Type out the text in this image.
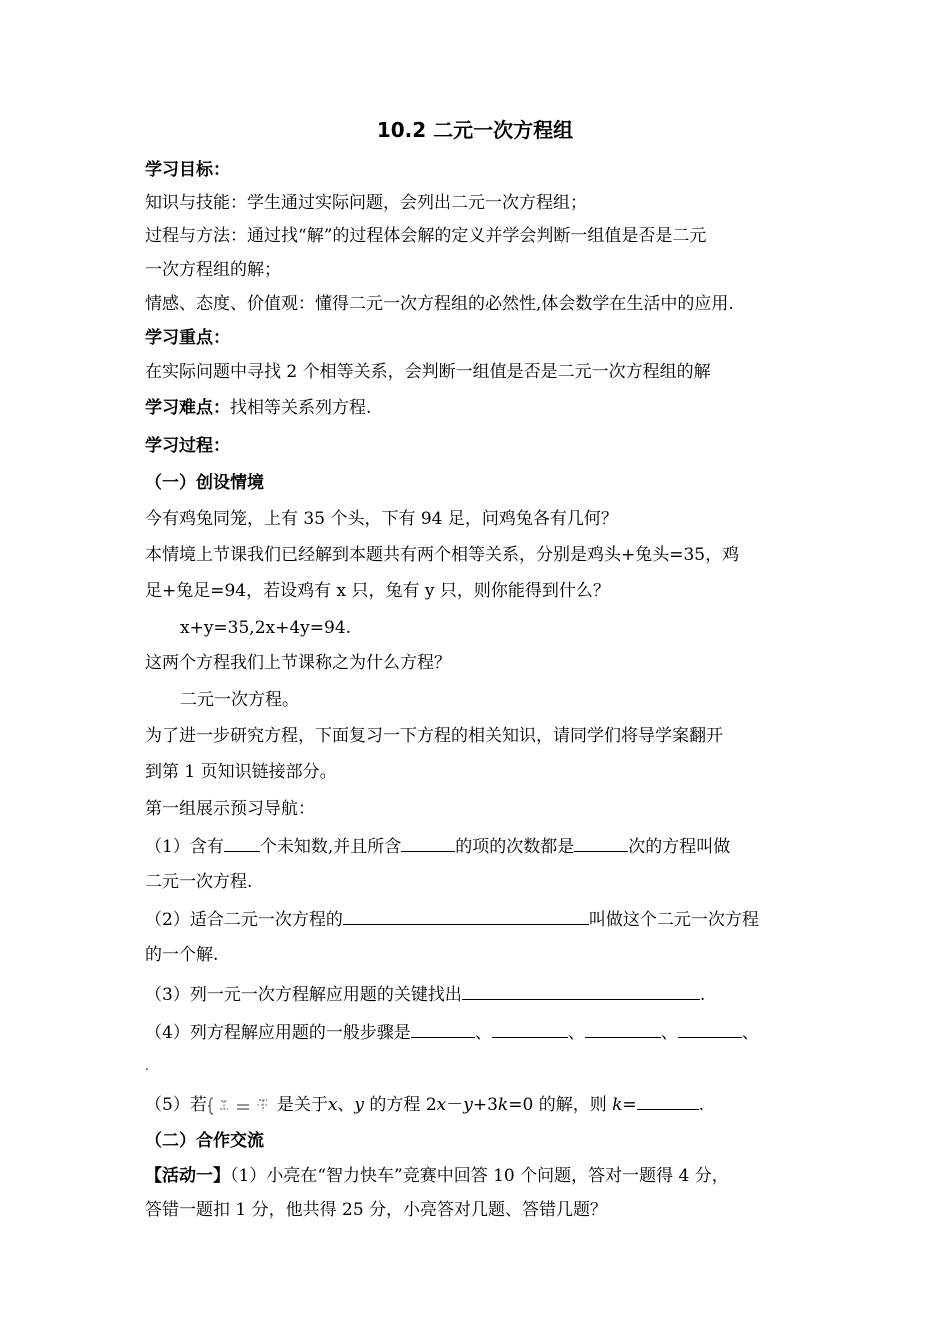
10.2 二元一次方程组
学习目标：
知识与技能：学生通过实际问题，会列出二元一次方程组；
过程与方法：通过找“解”的过程体会解的定义并学会判断一组值是否是二元
一次方程组的解；
情感、态度、价值观：懂得二元一次方程组的必然性,体会数学在生活中的应用.
学习重点：
在实际问题中寻找 2 个相等关系，会判断一组值是否是二元一次方程组的解
学习难点：找相等关系列方程.
学习过程：
（一）创设情境
今有鸡兔同笼，上有 35 个头，下有 94 足，问鸡兔各有几何？
本情境上节课我们已经解到本题共有两个相等关系，分别是鸡头+兔头=35，鸡
足+兔足=94，若设鸡有 x 只，兔有 y 只，则你能得到什么？
x+y=35,2x+4y=94.
这两个方程我们上节课称之为什么方程？
二元一次方程。
为了进一步研究方程，下面复习一下方程的相关知识，请同学们将导学案翻开
到第 1 页知识链接部分。
第一组展示预习导航：
（1）含有 个未知数,并且所含	的项的次数都是	次的方程叫做
二元一次方程.
（2）适合二元一次方程的	叫做这个二元一次方程
的一个解.
（3）列一元一次方程解应用题的关键找出	.
（4）列方程解应用题的一般步骤是	、	、	、	、
.
（5）若	是关于x、y 的方程 2x－y+3k=0 的解，则 k=	.
（二）合作交流
【活动一】（1）小亮在“智力快车”竞赛中回答 10 个问题，答对一题得 4 分，
答错一题扣 1 分，他共得 25 分，小亮答对几题、答错几题？
